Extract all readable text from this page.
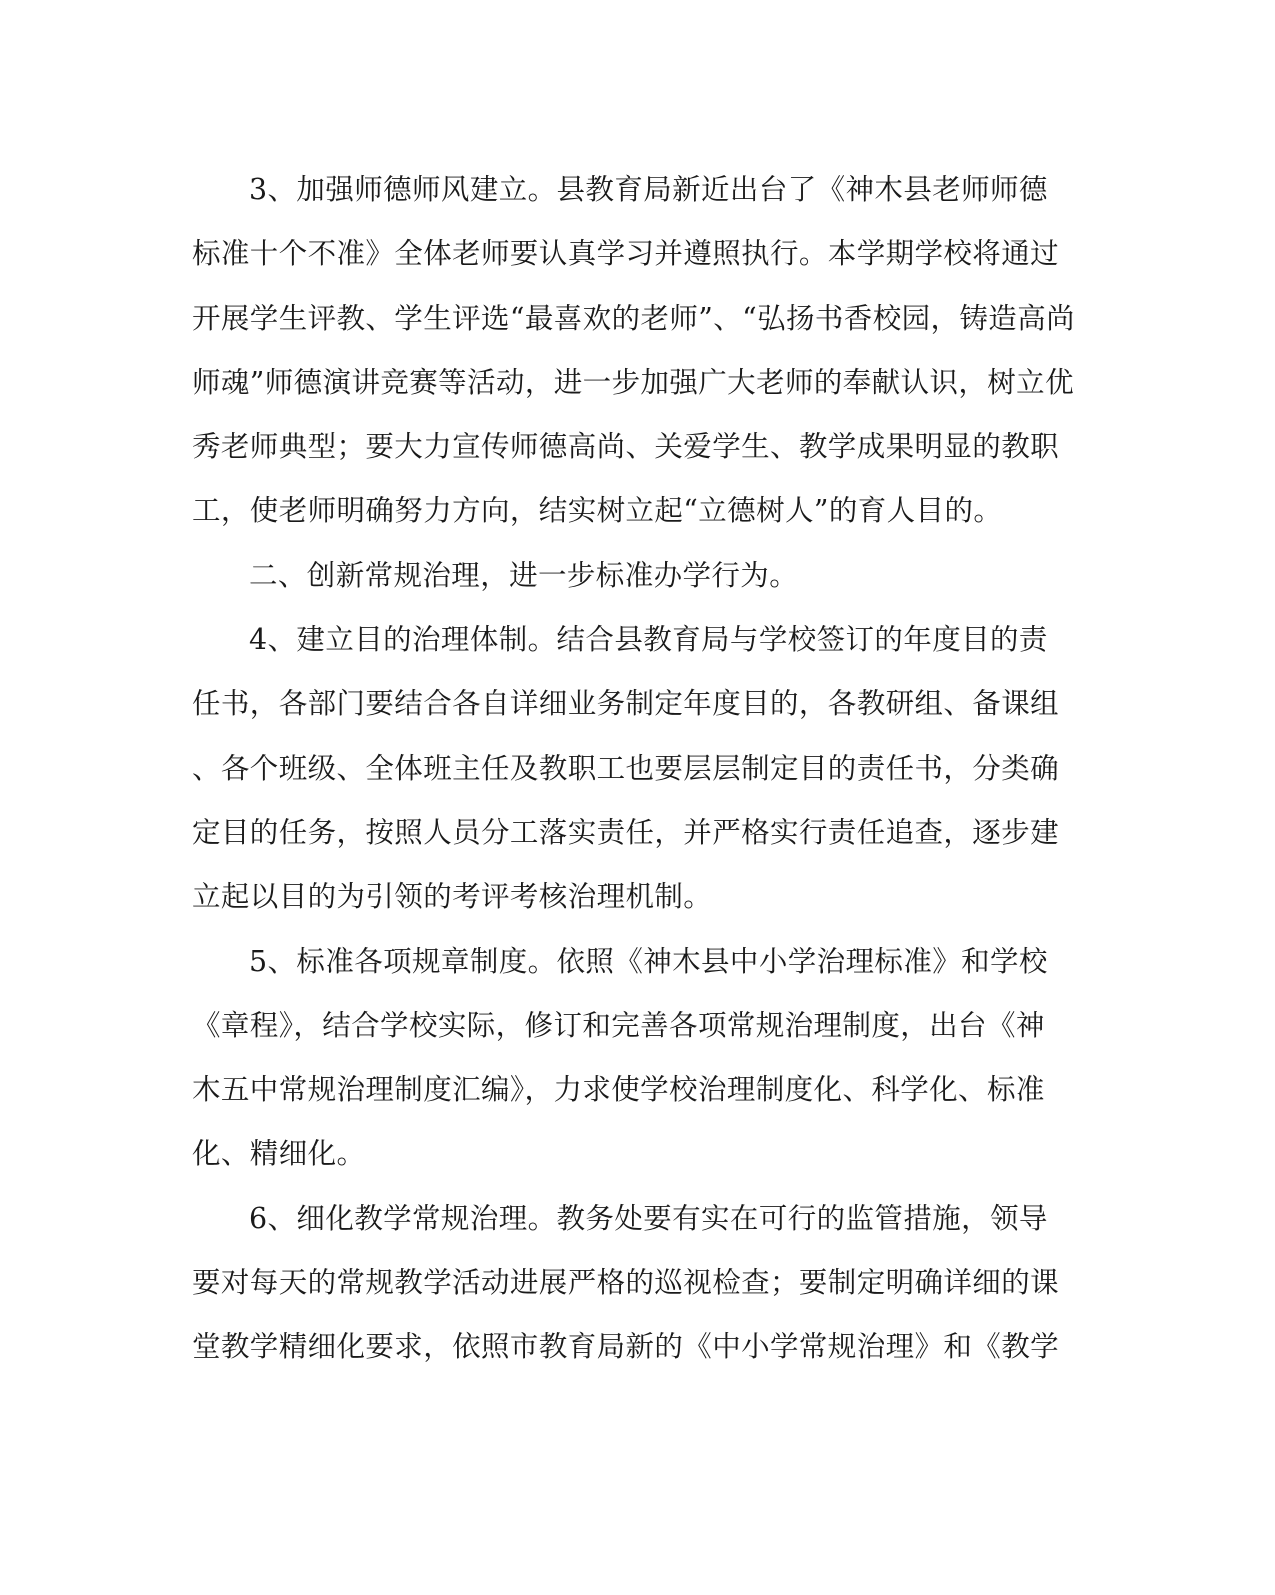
3、加强师德师风建立。县教育局新近出台了《神木县老师师德
标准十个不准》全体老师要认真学习并遵照执行。本学期学校将通过
开展学生评教、学生评选“最喜欢的老师”、“弘扬书香校园，铸造高尚
师魂”师德演讲竞赛等活动，进一步加强广大老师的奉献认识，树立优
秀老师典型；要大力宣传师德高尚、关爱学生、教学成果明显的教职
工，使老师明确努力方向，结实树立起“立德树人”的育人目的。
二、创新常规治理，进一步标准办学行为。
4、建立目的治理体制。结合县教育局与学校签订的年度目的责
任书，各部门要结合各自详细业务制定年度目的，各教研组、备课组
、各个班级、全体班主任及教职工也要层层制定目的责任书，分类确
定目的任务，按照人员分工落实责任，并严格实行责任追查，逐步建
立起以目的为引领的考评考核治理机制。
5、标准各项规章制度。依照《神木县中小学治理标准》和学校
《章程》，结合学校实际，修订和完善各项常规治理制度，出台《神
木五中常规治理制度汇编》，力求使学校治理制度化、科学化、标准
化、精细化。
6、细化教学常规治理。教务处要有实在可行的监管措施，领导
要对每天的常规教学活动进展严格的巡视检查；要制定明确详细的课
堂教学精细化要求，依照市教育局新的《中小学常规治理》和《教学
